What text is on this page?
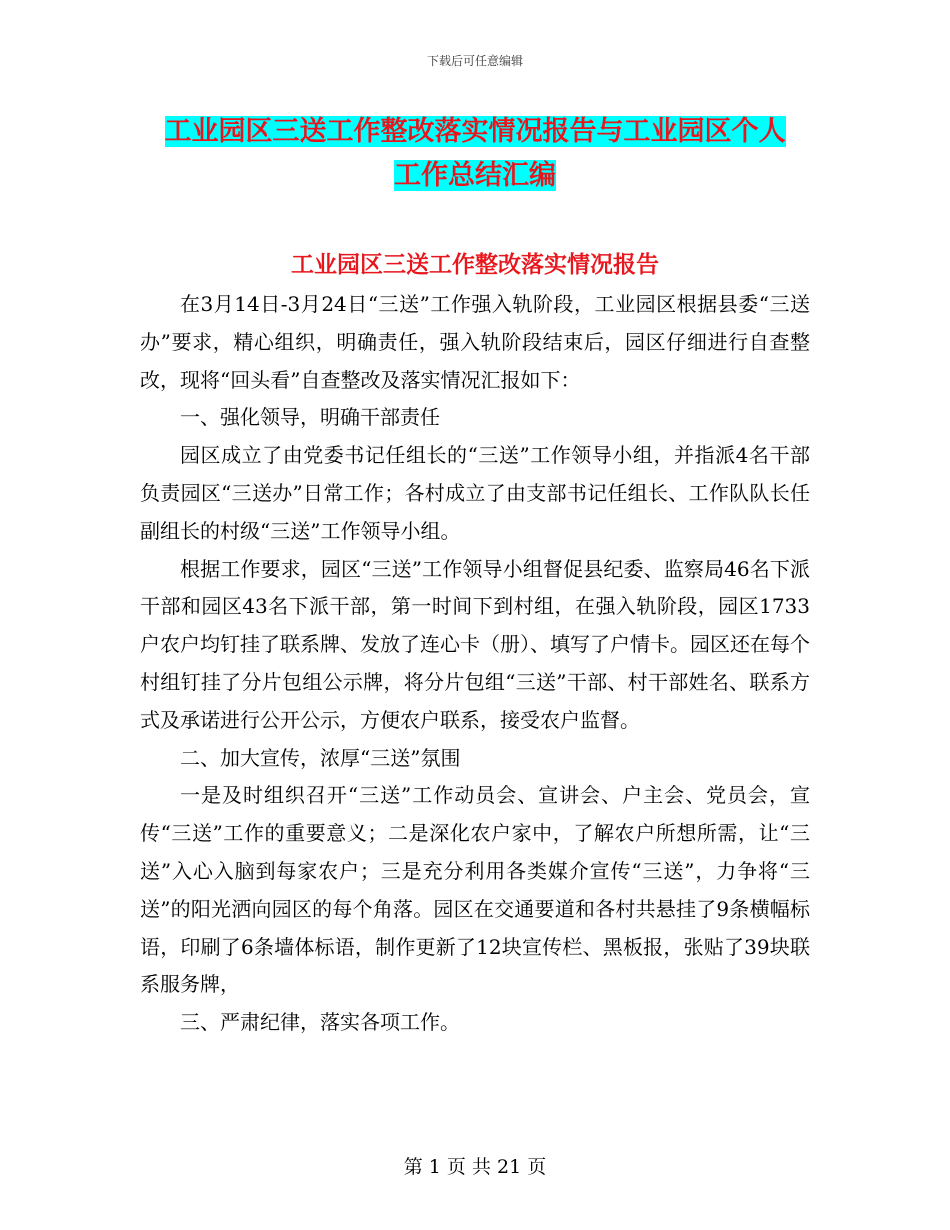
下载后可任意编辑
工业园区三送工作整改落实情况报告与工业园区个人
工作总结汇编
工业园区三送工作整改落实情况报告

在3月14日-3月24日“三送”工作强入轨阶段，工业园区根据县委“三送办”要求，精心组织，明确责任，强入轨阶段结束后，园区仔细进行自查整改，现将“回头看”自查整改及落实情况汇报如下：

一、强化领导，明确干部责任

园区成立了由党委书记任组长的“三送”工作领导小组，并指派4名干部负责园区“三送办”日常工作；各村成立了由支部书记任组长、工作队队长任副组长的村级“三送”工作领导小组。

根据工作要求，园区“三送”工作领导小组督促县纪委、监察局46名下派干部和园区43名下派干部，第一时间下到村组，在强入轨阶段，园区1733户农户均钉挂了联系牌、发放了连心卡（册）、填写了户情卡。园区还在每个村组钉挂了分片包组公示牌，将分片包组“三送”干部、村干部姓名、联系方式及承诺进行公开公示，方便农户联系，接受农户监督。

二、加大宣传，浓厚“三送”氛围

一是及时组织召开“三送”工作动员会、宣讲会、户主会、党员会，宣传“三送”工作的重要意义；二是深化农户家中，了解农户所想所需，让“三送”入心入脑到每家农户；三是充分利用各类媒介宣传“三送”，力争将“三送”的阳光洒向园区的每个角落。园区在交通要道和各村共悬挂了9条横幅标语，印刷了6条墙体标语，制作更新了12块宣传栏、黑板报，张贴了39块联系服务牌，

三、严肃纪律，落实各项工作。

第 1 页 共 21 页
